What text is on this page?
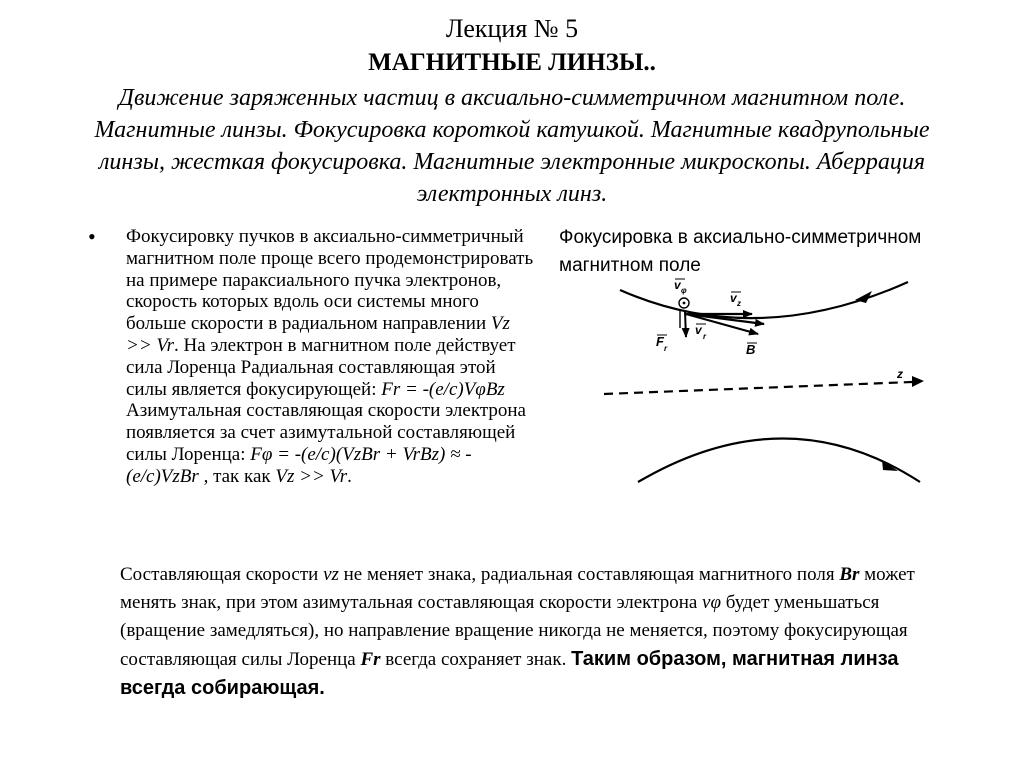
Лекция № 5
МАГНИТНЫЕ ЛИНЗЫ..
Движение заряженных частиц в аксиально-симметричном магнитном поле. Магнитные линзы. Фокусировка короткой катушкой. Магнитные квадрупольные линзы, жесткая фокусировка. Магнитные электронные микроскопы. Аберрация электронных линз.
• Фокусировку пучков в аксиально-симметричный магнитном поле проще всего продемонстрировать на примере параксиального пучка электронов, скорость которых вдоль оси системы много больше скорости в радиальном направлении Vz >> Vr. На электрон в магнитном поле действует сила Лоренца Радиальная составляющая этой силы является фокусирующей: Fr = -(e/c)VφBz Азимутальная составляющая скорости электрона появляется за счет азимутальной составляющей силы Лоренца: Fφ = -(e/c)(VzBr + VrBz) ≈ -(e/c)VzBr , так как Vz >> Vr.
Фокусировка в аксиально-симметричном магнитном поле
v φ
v z
v r
F r	B
z
Составляющая скорости vz не меняет знака, радиальная составляющая магнитного поля Br может менять знак, при этом азимутальная составляющая скорости электрона vφ будет уменьшаться (вращение замедляться), но направление вращение никогда не меняется, поэтому фокусирующая составляющая силы Лоренца Fr всегда сохраняет знак. Таким образом, магнитная линза всегда собирающая.
